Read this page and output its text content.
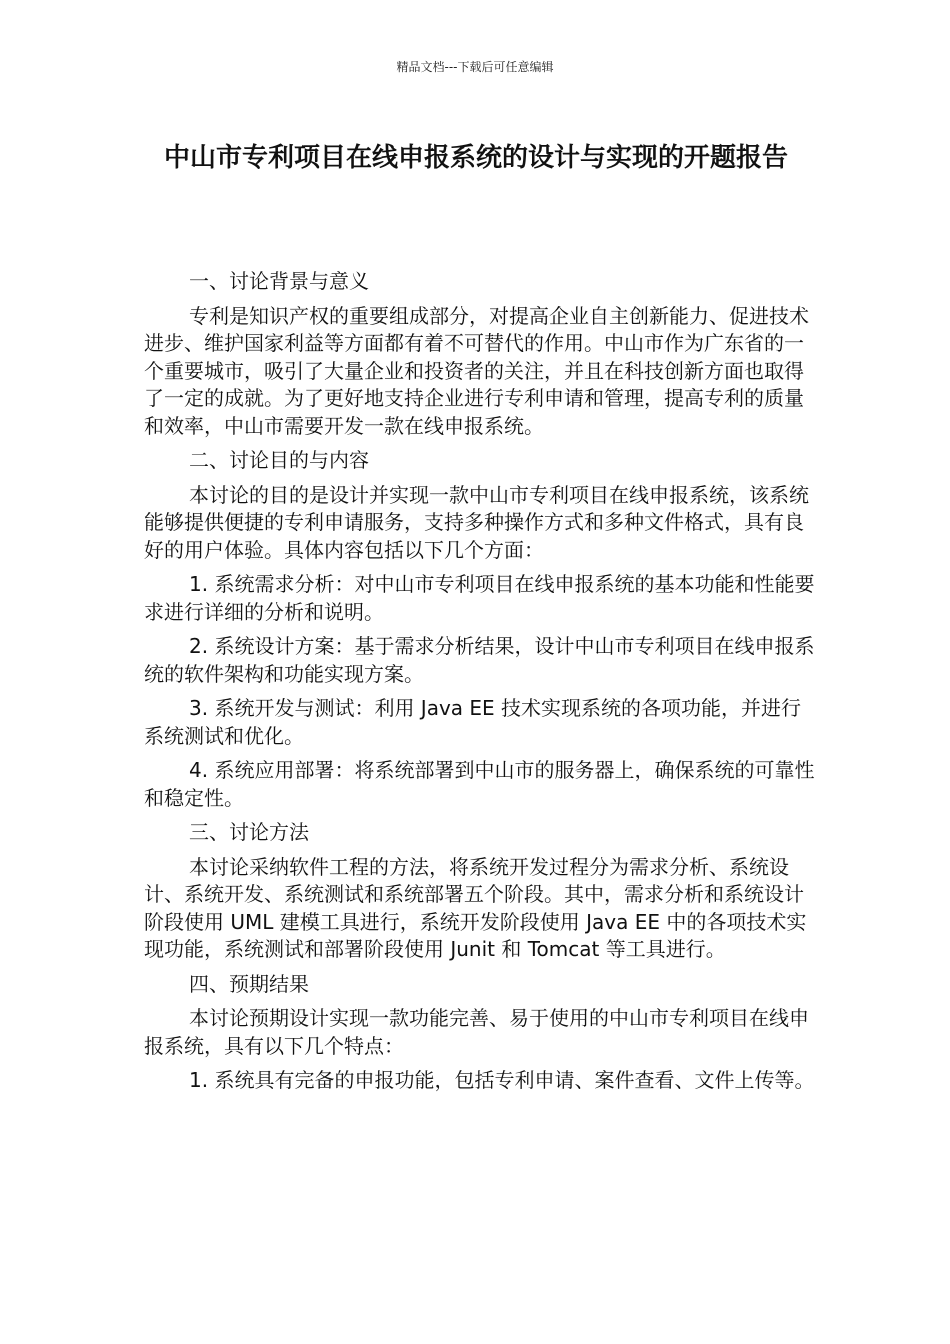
精品文档---下载后可任意编辑
中山市专利项目在线申报系统的设计与实现的开题报告

一、讨论背景与意义

专利是知识产权的重要组成部分，对提高企业自主创新能力、促进技术进步、维护国家利益等方面都有着不可替代的作用。中山市作为广东省的一个重要城市，吸引了大量企业和投资者的关注，并且在科技创新方面也取得了一定的成就。为了更好地支持企业进行专利申请和管理，提高专利的质量和效率，中山市需要开发一款在线申报系统。

二、讨论目的与内容

本讨论的目的是设计并实现一款中山市专利项目在线申报系统，该系统能够提供便捷的专利申请服务，支持多种操作方式和多种文件格式，具有良好的用户体验。具体内容包括以下几个方面：

1. 系统需求分析：对中山市专利项目在线申报系统的基本功能和性能要求进行详细的分析和说明。

2. 系统设计方案：基于需求分析结果，设计中山市专利项目在线申报系统的软件架构和功能实现方案。

3. 系统开发与测试：利用 Java EE 技术实现系统的各项功能，并进行系统测试和优化。

4. 系统应用部署：将系统部署到中山市的服务器上，确保系统的可靠性和稳定性。

三、讨论方法

本讨论采纳软件工程的方法，将系统开发过程分为需求分析、系统设计、系统开发、系统测试和系统部署五个阶段。其中，需求分析和系统设计阶段使用 UML 建模工具进行，系统开发阶段使用 Java EE 中的各项技术实现功能，系统测试和部署阶段使用 Junit 和 Tomcat 等工具进行。

四、预期结果

本讨论预期设计实现一款功能完善、易于使用的中山市专利项目在线申报系统，具有以下几个特点：

1. 系统具有完备的申报功能，包括专利申请、案件查看、文件上传等。
